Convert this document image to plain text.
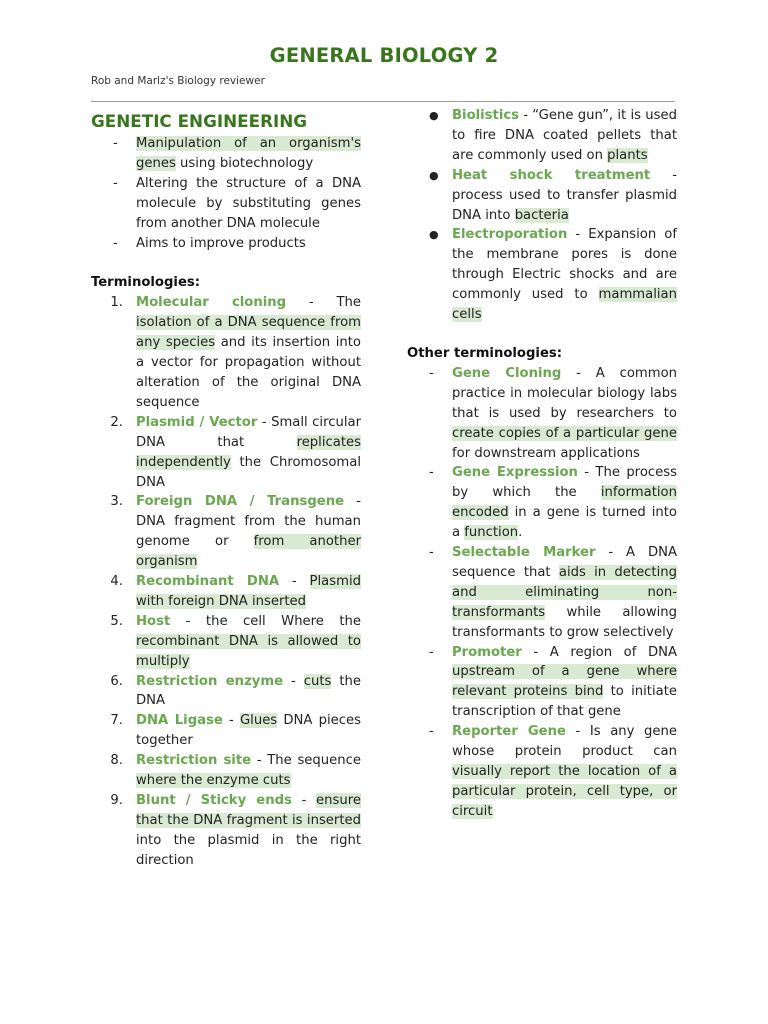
GENERAL BIOLOGY 2
Rob and Marlz's Biology reviewer
GENETIC ENGINEERING
- Manipulation of an organism's genes using biotechnology
- Altering the structure of a DNA molecule by substituting genes from another DNA molecule
- Aims to improve products
Terminologies:
1. Molecular cloning - The isolation of a DNA sequence from any species and its insertion into a vector for propagation without alteration of the original DNA sequence
2. Plasmid / Vector - Small circular DNA that replicates independently the Chromosomal DNA
3. Foreign DNA / Transgene - DNA fragment from the human genome or from another organism
4. Recombinant DNA - Plasmid with foreign DNA inserted
5. Host - the cell Where the recombinant DNA is allowed to multiply
6. Restriction enzyme - cuts the DNA
7. DNA Ligase - Glues DNA pieces together
8. Restriction site - The sequence where the enzyme cuts
9. Blunt / Sticky ends - ensure that the DNA fragment is inserted into the plasmid in the right direction
● Biolistics - “Gene gun”, it is used to fire DNA coated pellets that are commonly used on plants
● Heat shock treatment - process used to transfer plasmid DNA into bacteria
● Electroporation - Expansion of the membrane pores is done through Electric shocks and are commonly used to mammalian cells
Other terminologies:
- Gene Cloning - A common practice in molecular biology labs that is used by researchers to create copies of a particular gene for downstream applications
- Gene Expression - The process by which the information encoded in a gene is turned into a function.
- Selectable Marker - A DNA sequence that aids in detecting and eliminating non-transformants while allowing transformants to grow selectively
- Promoter - A region of DNA upstream of a gene where relevant proteins bind to initiate transcription of that gene
- Reporter Gene - Is any gene whose protein product can visually report the location of a particular protein, cell type, or circuit
